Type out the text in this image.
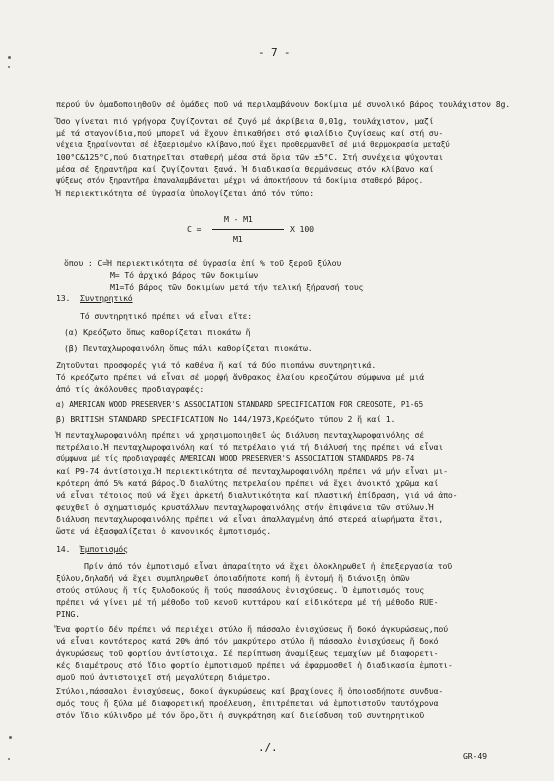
- 7 -
περού ὑν ὁμαδοποιηθοῦν σέ ὁμάδες ποῦ νά περιλαμβάνουν δοκίμια μέ συνολικό βάρος τουλάχιστον 8g.
Ὅσο γίνεται πιό γρήγορα ζυγίζονται σέ ζυγό μέ ἀκρίβεια 0,01g, τουλάχιστον, μαζί
μέ τά σταγονίδια,πού μπορεῖ νά ἔχουν ἐπικαθήσει στό φιαλίδιο ζυγίσεως καί στή συ-
νέχεια ξηραίνονται σέ ἐξαερισμένο κλίβανο,πού ἔχει προθερμανθεῖ σέ μιά θερμοκρασία μεταξύ
100°C&125°C,πού διατηρεῖται σταθερή μέσα στά ὅρια τῶν ±5°C. Στή συνέχεια ψύχονται
μέσα σέ ξηραντῆρα καί ζυγίζονται ξανά. Ἡ διαδικασία θερμάνσεως στόν κλίβανο καί
ψύξεως στόν ξηραντῆρα ἐπαναλαμβάνεται μέχρι νά ἀποκτήσουν τά δοκίμια σταθερό βάρος.
Ἡ περιεκτικότητα σέ ὑγρασία ὑπολογίζεται ἀπό τόν τύπο:
C =
M - M1
X 100
M1
ὅπου : C=Ἡ περιεκτικότητα σέ ὑγρασία ἐπί % τοῦ ξεροῦ ξύλου
M= Τό ἀρχικό βάρος τῶν δοκιμίων
M1=Τό βάρος τῶν δοκιμίων μετά τήν τελική ξήρανσή τους
13. Συντηρητικό
Τό συντηρητικό πρέπει νά εἶναι εἴτε:
(α) Κρεόζωτο ὅπως καθορίζεται πιοκάτω ἤ
(β) Πενταχλωροφαινόλη ὅπως πάλι καθορίζεται πιοκάτω.
Ζητοῦνται προσφορές γιά τό καθένα ἤ καί τά δύο πιοπάνω συντηρητικά.
Τό κρεόζωτο πρέπει νά εἶναι σέ μορφή ἄνθρακος ἐλαίου κρεοζώτου σύμφωνα μέ μιά
ἀπό τίς ἀκόλουθες προδιαγραφές:
α) AMERICAN WOOD PRESERVER'S ASSOCIATION STANDARD SPECIFICATION FOR CREOSOTE, P1-65
β) BRITISH STANDARD SPECIFICATION No 144/1973,Κρεόζωτο τύπου 2 ἤ καί 1.
Ἡ πενταχλωροφαινόλη πρέπει νά χρησιμοποιηθεῖ ὡς διάλυση πενταχλωροφαινόλης σέ
πετρέλαιο.Ἡ πενταχλωροφαινόλη καί τό πετρέλαιο γιά τή διάλυσή της πρέπει νά εἶναι
σύμφωνα μέ τίς προδιαγραφές AMERICAN WOOD PRESERVER'S ASSOCIATION STANDARDS P8-74
καί P9-74 ἀντίστοιχα.Ἡ περιεκτικότητα σέ πενταχλωροφαινόλη πρέπει νά μήν εἶναι μι-
κρότερη ἀπό 5% κατά βάρος.Ὁ διαλύτης πετρελαίου πρέπει νά ἔχει ἀνοικτό χρῶμα καί
νά εἶναι τέτοιος πού νά ἔχει ἀρκετή διαλυτικότητα καί πλαστική ἐπίδραση, γιά νά ἀπο-
φευχθεῖ ὁ σχηματισμός κρυστάλλων πενταχλωροφαινόλης στήν ἐπιφάνεια τῶν στύλων.Ἡ
διάλυση πενταχλωροφαινόλης πρέπει νά εἶναι ἀπαλλαγμένη ἀπό στερεά αἰωρήματα ἔτσι,
ὥστε νά ἐξασφαλίζεται ὁ κανονικός ἐμποτισμός.
14. Ἐμποτισμός
Πρίν ἀπό τόν ἐμποτισμό εἶναι ἀπαραίτητο νά ἔχει ὁλοκληρωθεῖ ἡ ἐπεξεργασία τοῦ
ξύλου,δηλαδή νά ἔχει συμπληρωθεῖ ὁποιαδήποτε κοπή ἤ ἐντομή ἤ διάνοιξη ὀπῶν
στούς στύλους ἤ τίς ξυλοδοκούς ἤ τούς πασσάλους ἐνισχύσεως. Ὁ ἐμποτισμός τους
πρέπει νά γίνει μέ τή μέθοδο τοῦ κενοῦ κυττάρου καί εἰδικότερα μέ τή μέθοδο RUE-
PING.
Ἕνα φορτίο δέν πρέπει νά περιέχει στύλο ἤ πάσσαλο ἐνισχύσεως ἤ δοκό ἀγκυρώσεως,πού
νά εἶναι κοντότερος κατά 20% ἀπό τόν μακρύτερο στύλο ἤ πάσσαλο ἐνισχύσεως ἤ δοκό
ἀγκυρώσεως τοῦ φορτίου ἀντίστοιχα. Σέ περίπτωση ἀναμίξεως τεμαχίων μέ διαφορετι-
κές διαμέτρους στό ἴδιο φορτίο ἐμποτισμοῦ πρέπει νά ἐφαρμοσθεῖ ἡ διαδικασία ἐμποτι-
σμοῦ πού ἀντιστοιχεῖ στή μεγαλύτερη διάμετρο.
Στύλοι,πάσσαλοι ἐνισχύσεως, δοκοί ἀγκυρώσεως καί βραχίονες ἤ ὁποιοσδήποτε συνδυα-
σμός τους ἤ ξύλα μέ διαφορετική προέλευση, ἐπιτρέπεται νά ἐμποτιστοῦν ταυτόχρονα
στόν ἴδιο κύλινδρο μέ τόν ὅρο,ὅτι ἡ συγκράτηση καί διείσδυση τοῦ συντηρητικοῦ
./.
GR-49
